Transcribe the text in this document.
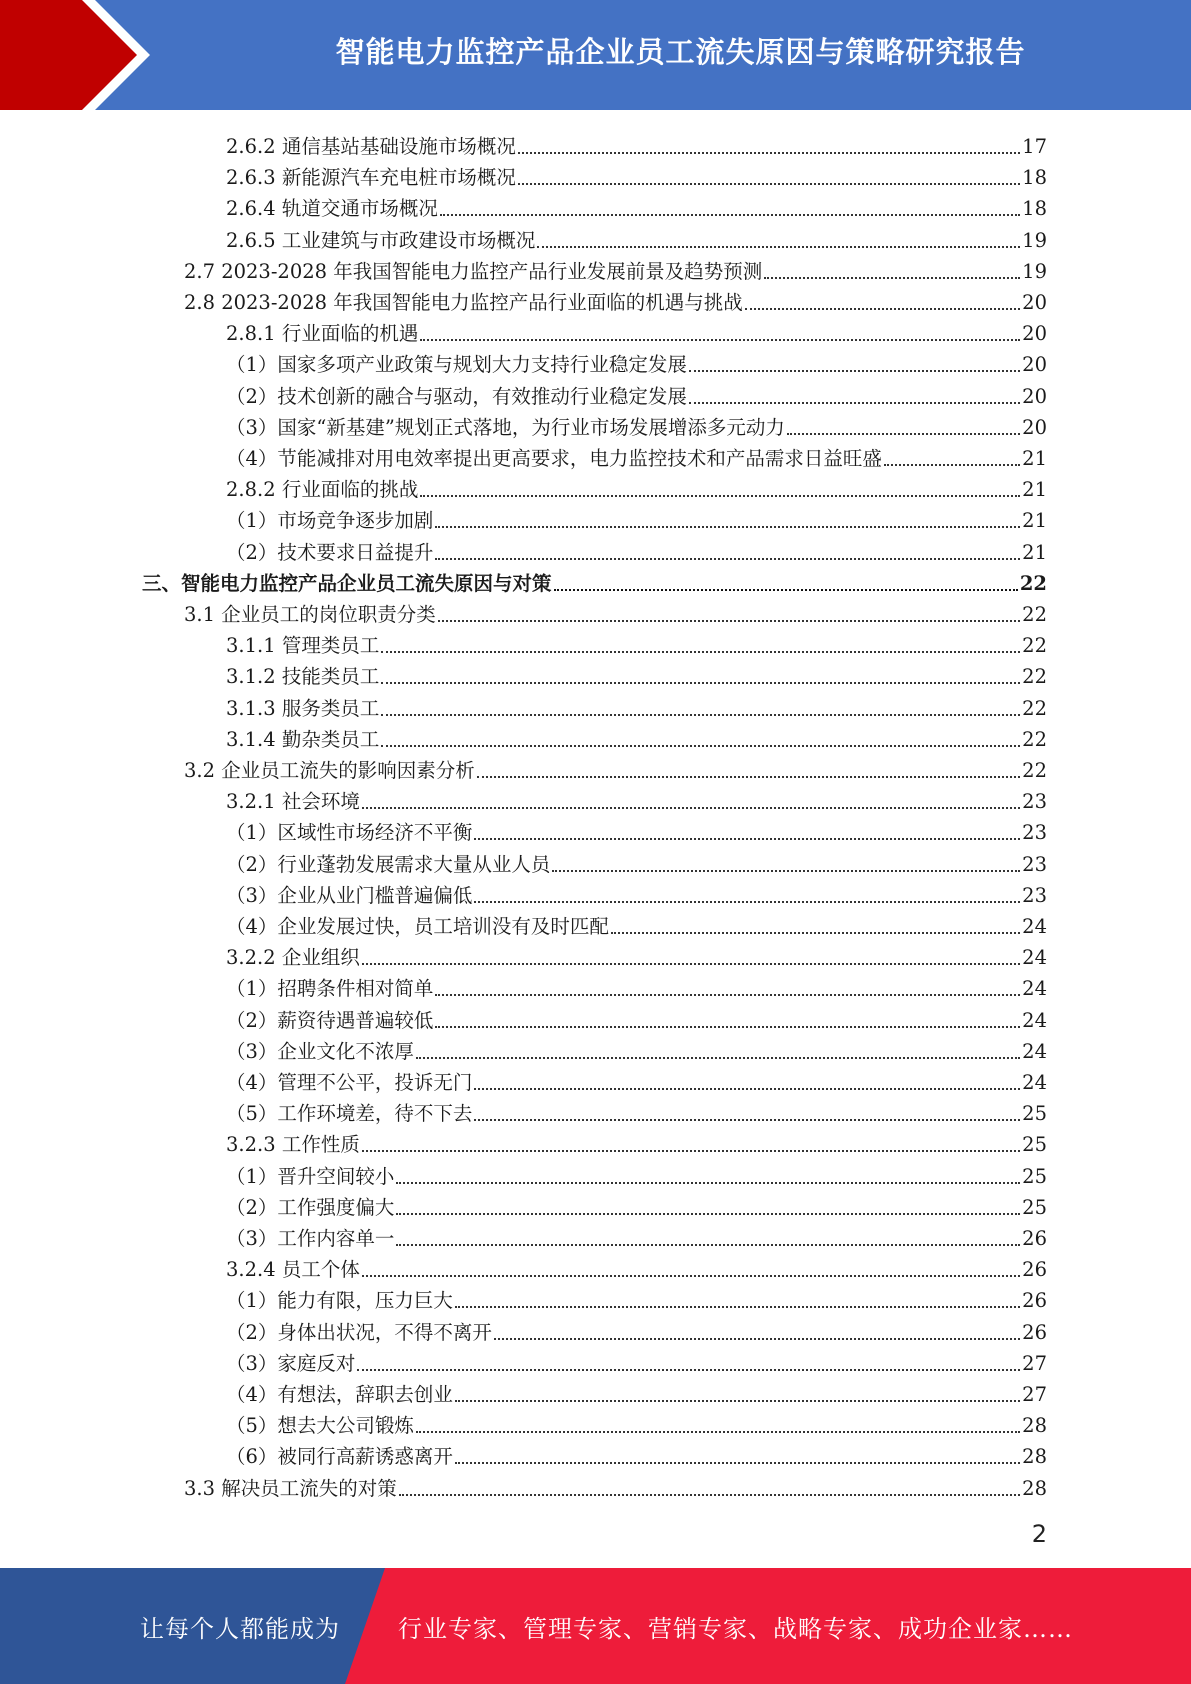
智能电力监控产品企业员工流失原因与策略研究报告
2.6.2 通信基站基础设施市场概况	17
2.6.3 新能源汽车充电桩市场概况	18
2.6.4 轨道交通市场概况	18
2.6.5 工业建筑与市政建设市场概况	19
2.7 2023-2028 年我国智能电力监控产品行业发展前景及趋势预测	19
2.8 2023-2028 年我国智能电力监控产品行业面临的机遇与挑战	20
2.8.1 行业面临的机遇	20
（1）国家多项产业政策与规划大力支持行业稳定发展	20
（2）技术创新的融合与驱动，有效推动行业稳定发展	20
（3）国家“新基建”规划正式落地，为行业市场发展增添多元动力	20
（4）节能减排对用电效率提出更高要求，电力监控技术和产品需求日益旺盛	21
2.8.2 行业面临的挑战	21
（1）市场竞争逐步加剧	21
（2）技术要求日益提升	21
三、智能电力监控产品企业员工流失原因与对策	22
3.1 企业员工的岗位职责分类	22
3.1.1 管理类员工	22
3.1.2 技能类员工	22
3.1.3 服务类员工	22
3.1.4 勤杂类员工	22
3.2 企业员工流失的影响因素分析	22
3.2.1 社会环境	23
（1）区域性市场经济不平衡	23
（2）行业蓬勃发展需求大量从业人员	23
（3）企业从业门槛普遍偏低	23
（4）企业发展过快，员工培训没有及时匹配	24
3.2.2 企业组织	24
（1）招聘条件相对简单	24
（2）薪资待遇普遍较低	24
（3）企业文化不浓厚	24
（4）管理不公平，投诉无门	24
（5）工作环境差，待不下去	25
3.2.3 工作性质	25
（1）晋升空间较小	25
（2）工作强度偏大	25
（3）工作内容单一	26
3.2.4 员工个体	26
（1）能力有限，压力巨大	26
（2）身体出状况，不得不离开	26
（3）家庭反对	27
（4）有想法，辞职去创业	27
（5）想去大公司锻炼	28
（6）被同行高薪诱惑离开	28
3.3 解决员工流失的对策	28
2
让每个人都能成为 行业专家、管理专家、营销专家、战略专家、成功企业家……
